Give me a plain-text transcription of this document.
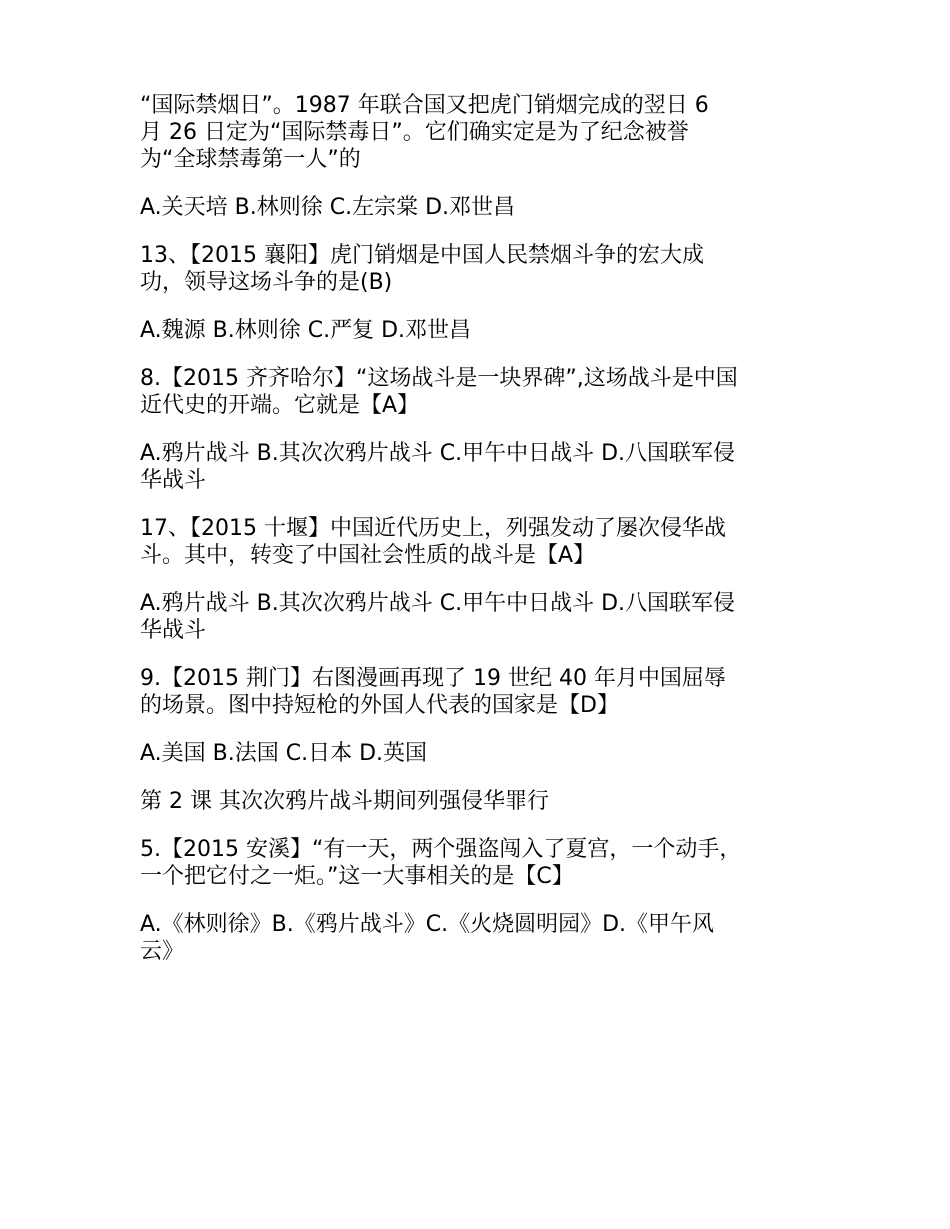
“国际禁烟日”。1987 年联合国又把虎门销烟完成的翌日 6
月 26 日定为“国际禁毒日”。它们确实定是为了纪念被誉
为“全球禁毒第一人”的

A.关天培 B.林则徐 C.左宗棠 D.邓世昌

13、【2015 襄阳】虎门销烟是中国人民禁烟斗争的宏大成
功，领导这场斗争的是(B)

A.魏源 B.林则徐 C.严复 D.邓世昌

8.【2015 齐齐哈尔】“这场战斗是一块界碑”,这场战斗是中国
近代史的开端。它就是【A】

A.鸦片战斗 B.其次次鸦片战斗 C.甲午中日战斗 D.八国联军侵
华战斗

17、【2015 十堰】中国近代历史上，列强发动了屡次侵华战
斗。其中，转变了中国社会性质的战斗是【A】

A.鸦片战斗 B.其次次鸦片战斗 C.甲午中日战斗 D.八国联军侵
华战斗

9.【2015 荆门】右图漫画再现了 19 世纪 40 年月中国屈辱
的场景。图中持短枪的外国人代表的国家是【D】

A.美国 B.法国 C.日本 D.英国

第 2 课 其次次鸦片战斗期间列强侵华罪行

5.【2015 安溪】“有一天，两个强盗闯入了夏宫，一个动手，
一个把它付之一炬。”这一大事相关的是【C】

A.《林则徐》B.《鸦片战斗》C.《火烧圆明园》D.《甲午风
云》
